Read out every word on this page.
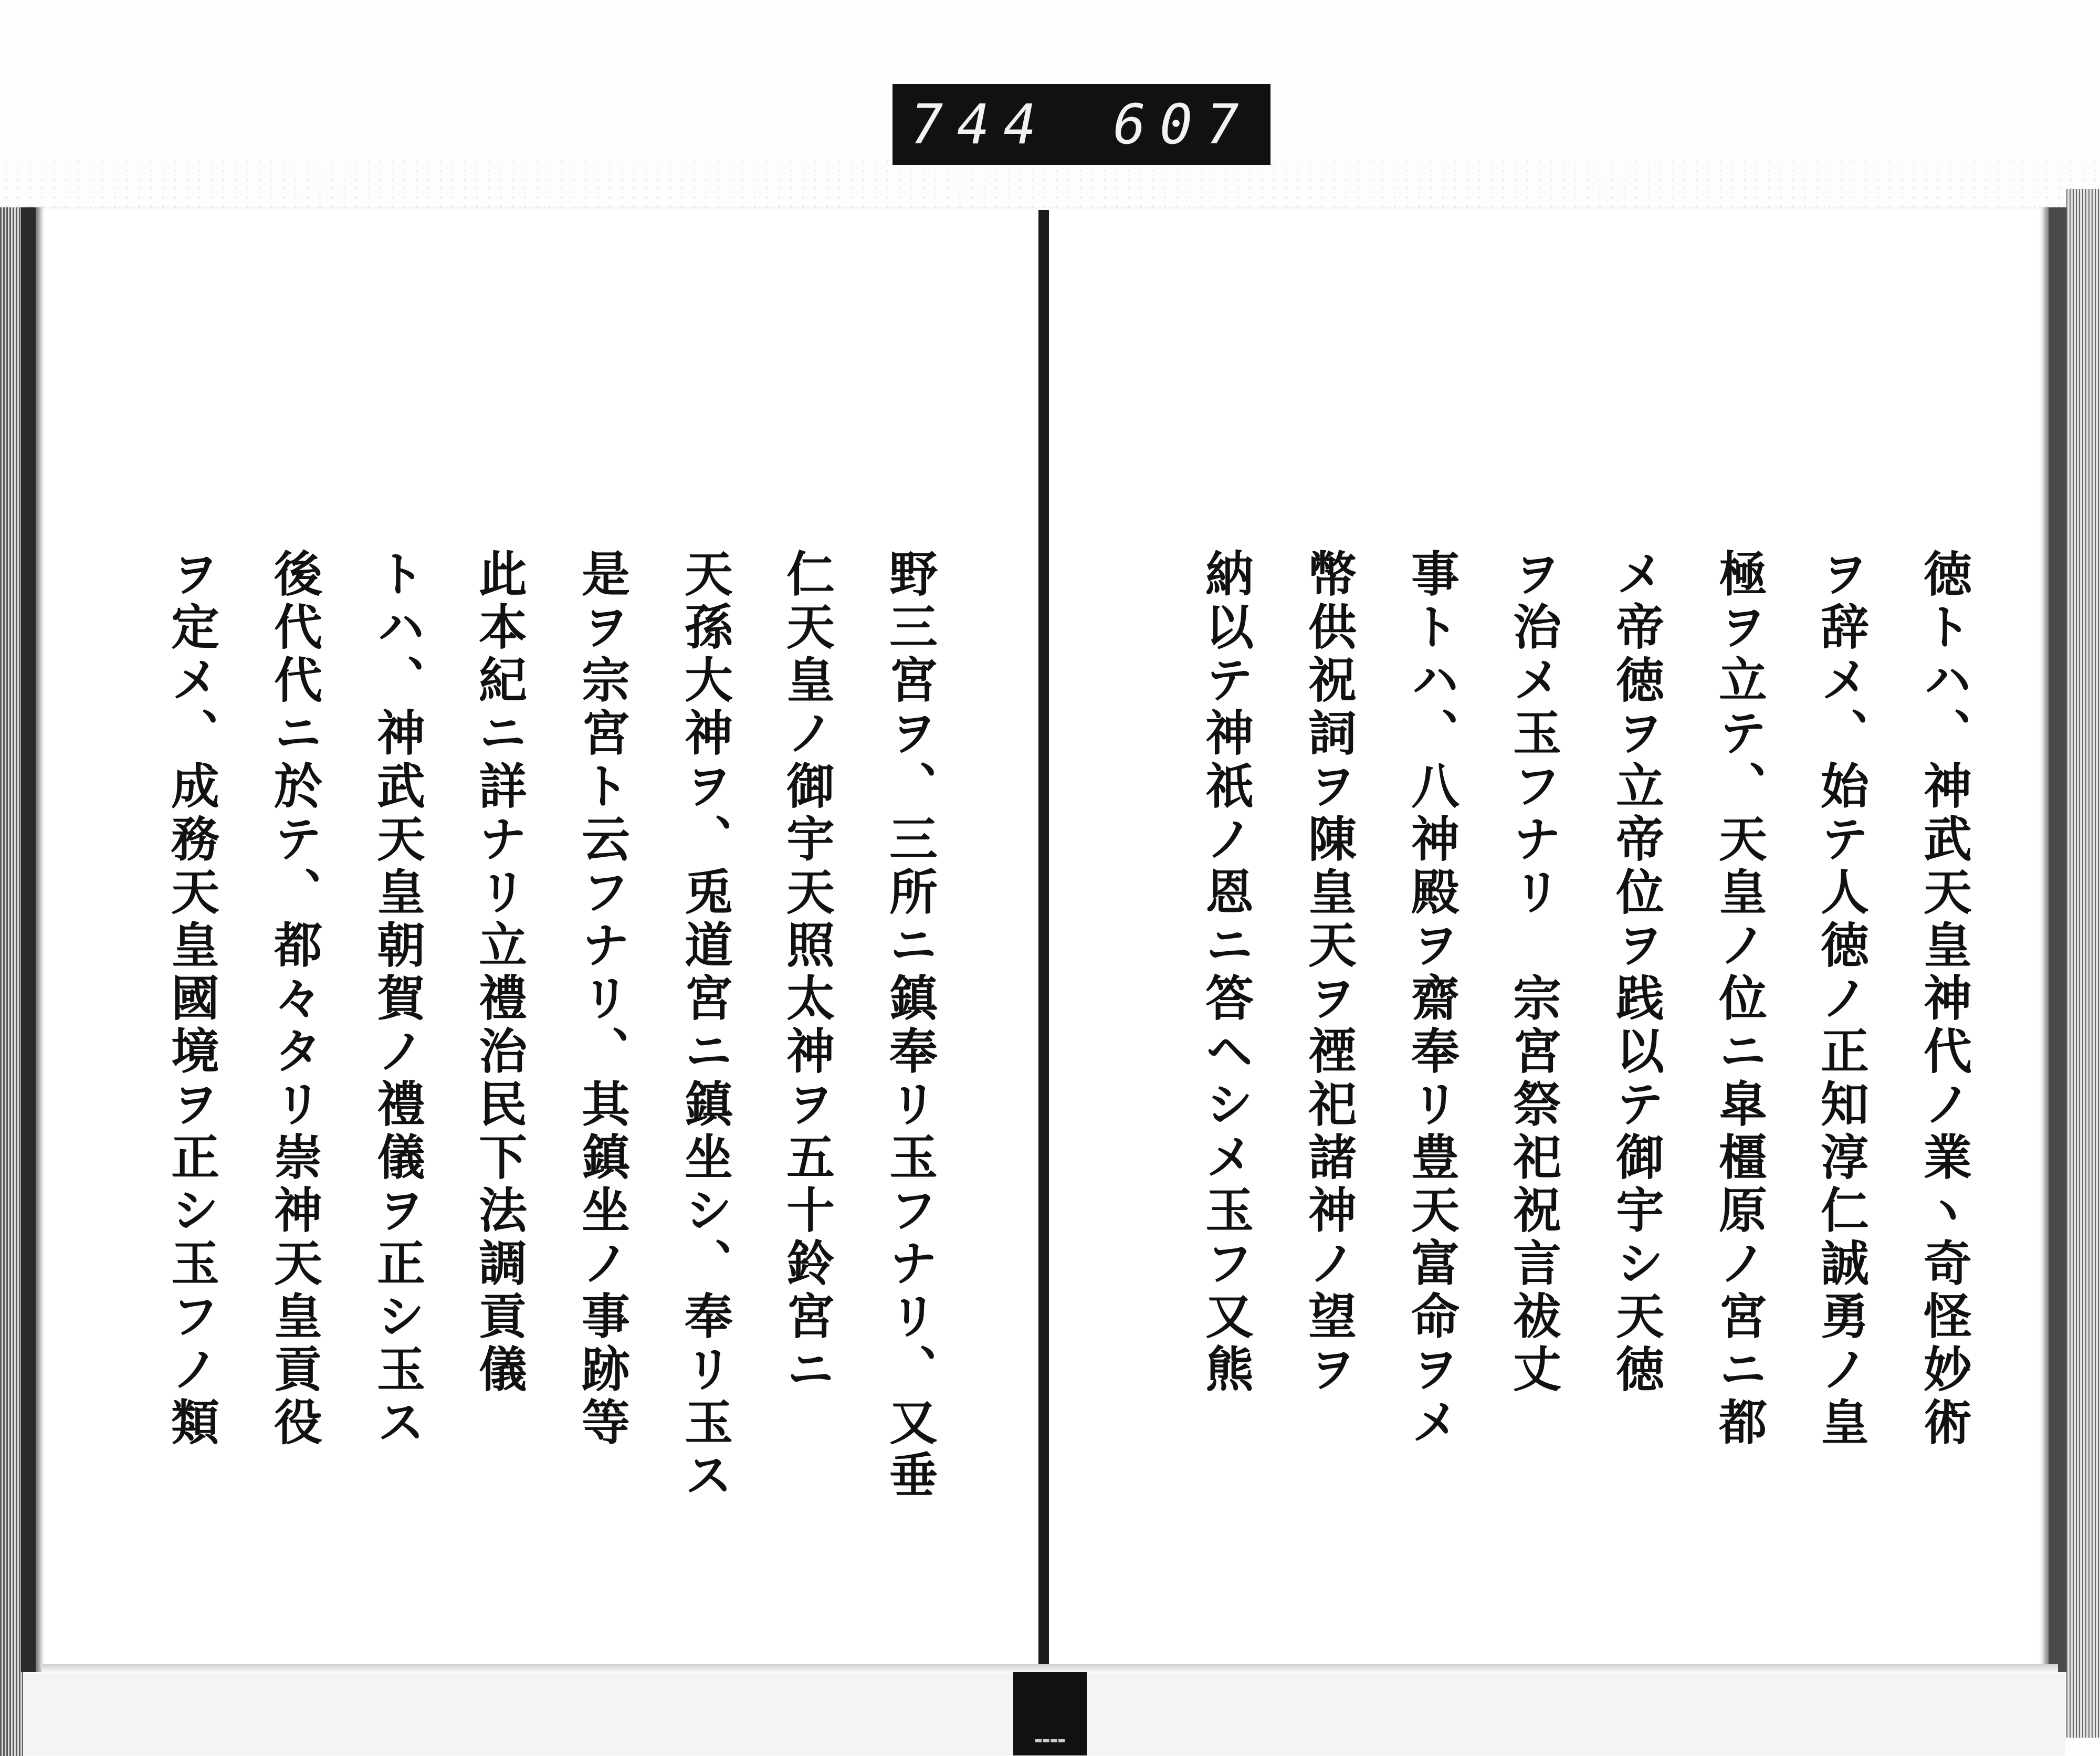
744 607
徳トハ、神武天皇神代ノ業ヽ奇怪妙術
ヲ辞メ、始テ人徳ノ正知淳仁誠勇ノ皇
極ヲ立テ、天皇ノ位ニ皐橿原ノ宮ニ都
メ帝徳ヲ立帝位ヲ践以テ御宇シ天徳
ヲ治メ玉フナリ　宗宮祭祀祝言祓丈
事トハ、八神殿ヲ齋奉リ豊天富命ヲメ
幣供祝詞ヲ陳皇天ヲ禋祀諸神ノ望ヲ
納以テ神祇ノ恩ニ答ヘシメ玉フ又熊
野三宮ヲ、三所ニ鎮奉リ玉フナリ、又垂
仁天皇ノ御宇天照太神ヲ五十鈴宮ニ
天孫大神ヲ、兎道宮ニ鎮坐シ、奉リ玉ス
是ヲ宗宮ト云フナリ、其鎮坐ノ事跡等
此本紀ニ詳ナリ立禮治民下法調貢儀
トハ、神武天皇朝賀ノ禮儀ヲ正シ玉ス
後代代ニ於テ、都々タリ崇神天皇貢役
ヲ定メ、成務天皇國境ヲ正シ玉フノ類
